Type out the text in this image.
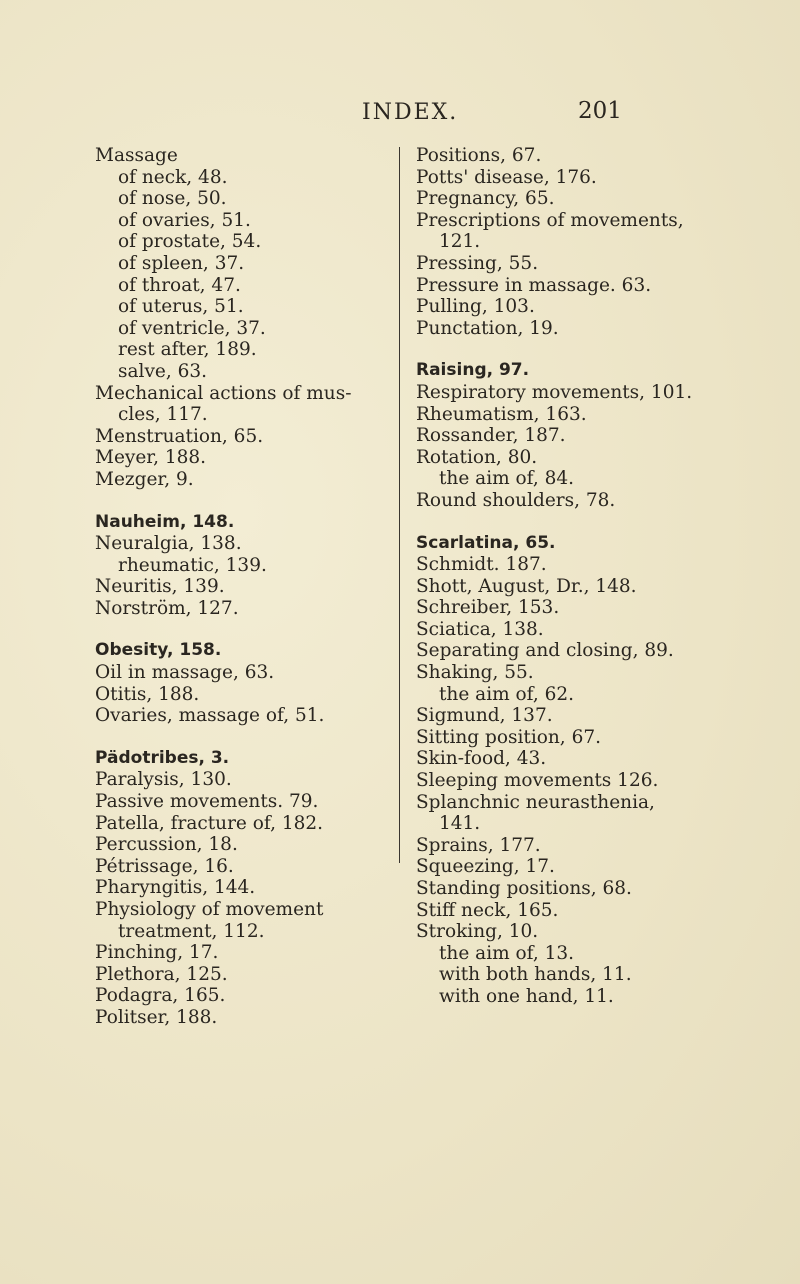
INDEX.	201
Massage
of neck, 48.
of nose, 50.
of ovaries, 51.
of prostate, 54.
of spleen, 37.
of throat, 47.
of uterus, 51.
of ventricle, 37.
rest after, 189.
salve, 63.
Mechanical actions of mus-
cles, 117.
Menstruation, 65.
Meyer, 188.
Mezger, 9.
Nauheim, 148.
Neuralgia, 138.
rheumatic, 139.
Neuritis, 139.
Norström, 127.
Obesity, 158.
Oil in massage, 63.
Otitis, 188.
Ovaries, massage of, 51.
Pädotribes, 3.
Paralysis, 130.
Passive movements. 79.
Patella, fracture of, 182.
Percussion, 18.
Pétrissage, 16.
Pharyngitis, 144.
Physiology of movement
treatment, 112.
Pinching, 17.
Plethora, 125.
Podagra, 165.
Politser, 188.
Positions, 67.
Potts' disease, 176.
Pregnancy, 65.
Prescriptions of movements,
121.
Pressing, 55.
Pressure in massage. 63.
Pulling, 103.
Punctation, 19.
Raising, 97.
Respiratory movements, 101.
Rheumatism, 163.
Rossander, 187.
Rotation, 80.
the aim of, 84.
Round shoulders, 78.
Scarlatina, 65.
Schmidt. 187.
Shott, August, Dr., 148.
Schreiber, 153.
Sciatica, 138.
Separating and closing, 89.
Shaking, 55.
the aim of, 62.
Sigmund, 137.
Sitting position, 67.
Skin-food, 43.
Sleeping movements 126.
Splanchnic neurasthenia,
141.
Sprains, 177.
Squeezing, 17.
Standing positions, 68.
Stiff neck, 165.
Stroking, 10.
the aim of, 13.
with both hands, 11.
with one hand, 11.
